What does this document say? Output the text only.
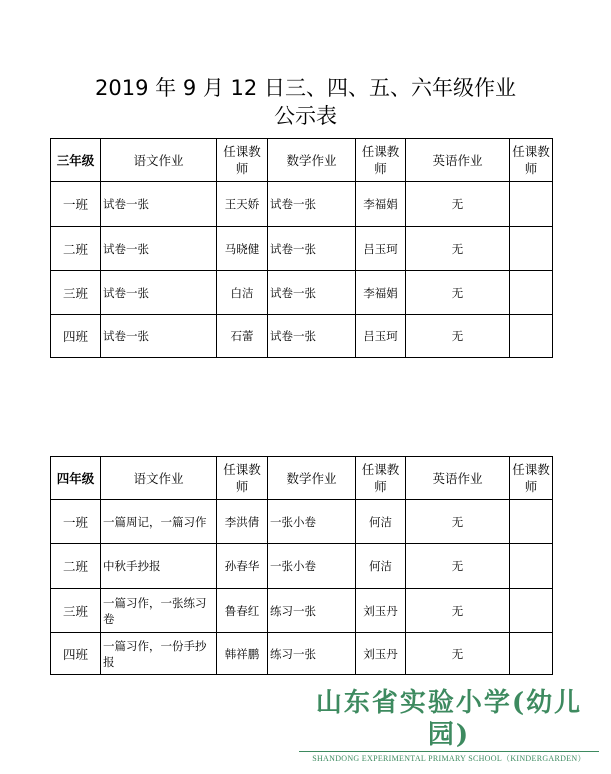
2019 年 9 月 12 日三、四、五、六年级作业
公示表
三年级	语文作业	任课教师	数学作业	任课教师	英语作业	任课教师
一班	试卷一张	王天娇	试卷一张	李福娟	无	
二班	试卷一张	马晓健	试卷一张	吕玉珂	无	
三班	试卷一张	白洁	试卷一张	李福娟	无	
四班	试卷一张	石蕾	试卷一张	吕玉珂	无	
四年级	语文作业	任课教师	数学作业	任课教师	英语作业	任课教师
一班	一篇周记，一篇习作	李洪倩	一张小卷	何洁	无	
二班	中秋手抄报	孙春华	一张小卷	何洁	无	
三班	一篇习作，一张练习卷	鲁春红	练习一张	刘玉丹	无	
四班	一篇习作，一份手抄报	韩祥鹏	练习一张	刘玉丹	无	
山东省实验小学(幼儿园)
SHANDONG EXPERIMENTAL PRIMARY SCHOOL（KINDERGARDEN）
